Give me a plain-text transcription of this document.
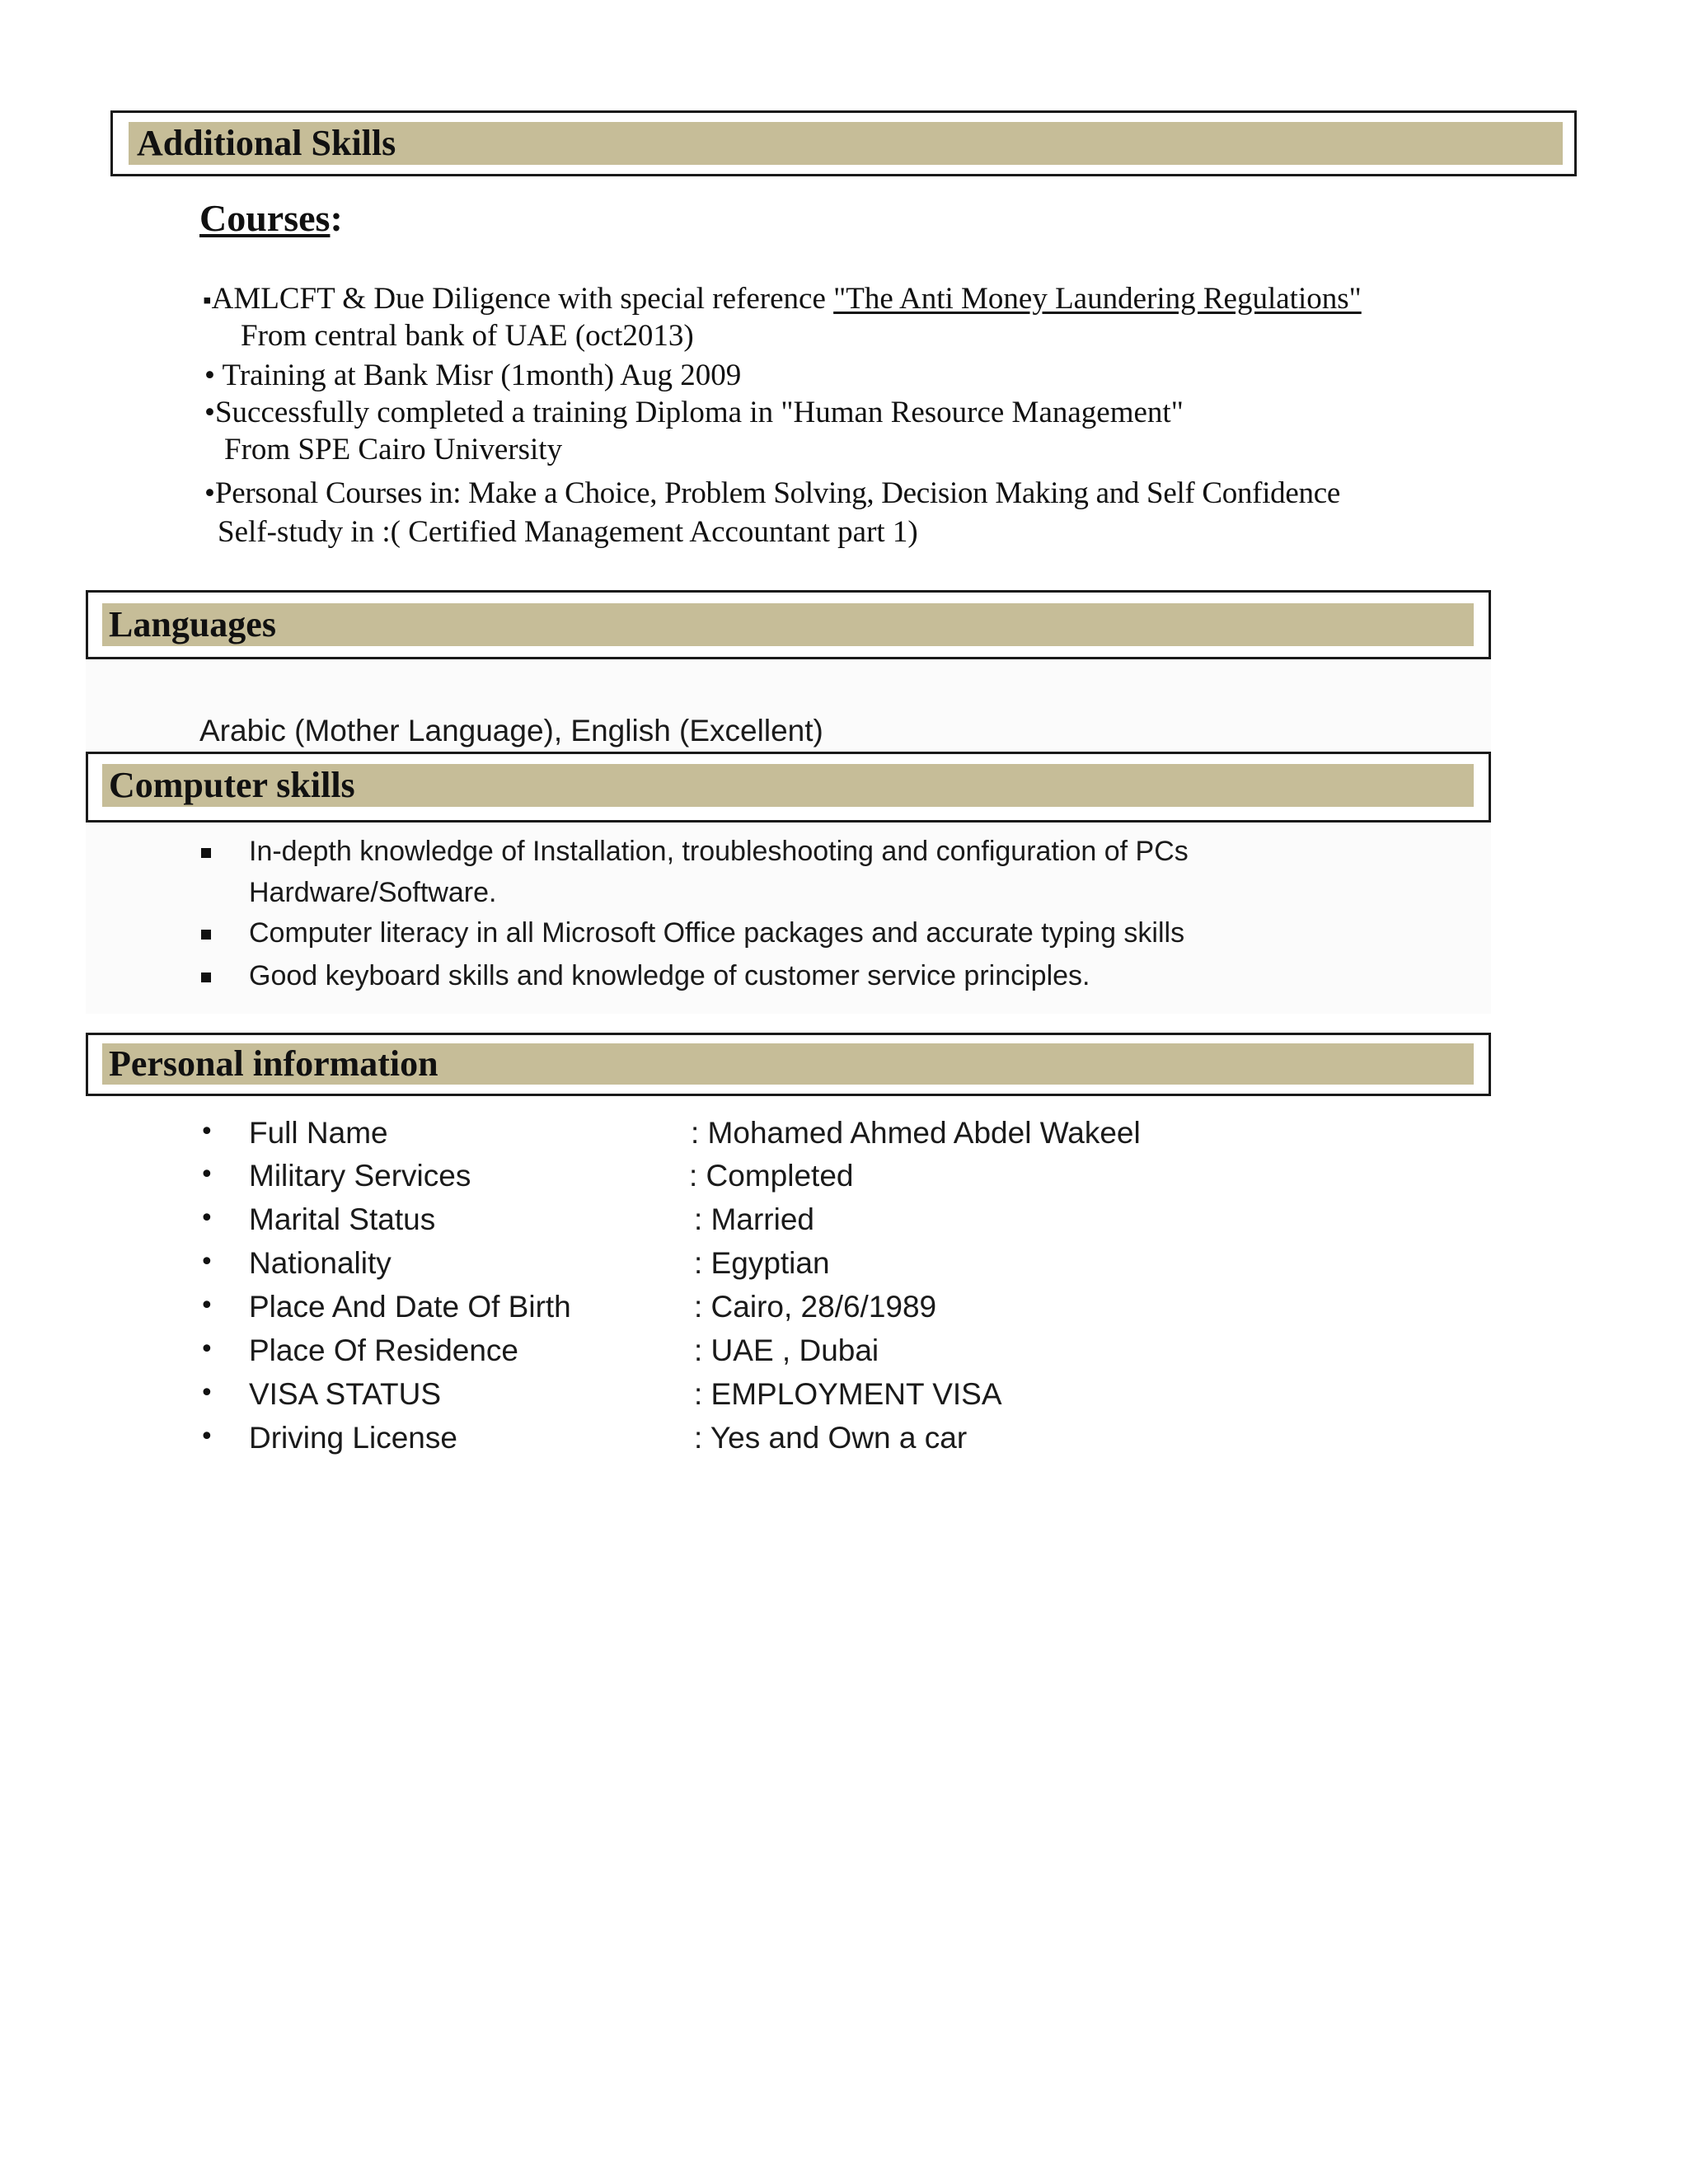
Additional Skills
Courses:
▪AMLCFT & Due Diligence with special reference "The Anti Money Laundering Regulations"
From central bank of UAE (oct2013)
• Training at Bank Misr (1month) Aug 2009
•Successfully completed a training Diploma in "Human Resource Management"
From SPE Cairo University
•Personal Courses in: Make a Choice, Problem Solving, Decision Making and Self Confidence
Self-study in :( Certified Management Accountant part 1)
Languages
Arabic (Mother Language), English (Excellent)
Computer skills
In-depth knowledge of Installation, troubleshooting and configuration of PCs
Hardware/Software.
Computer literacy in all Microsoft Office packages and accurate typing skills
Good keyboard skills and knowledge of customer service principles.
Personal information
• Full Name	: Mohamed Ahmed Abdel Wakeel
• Military Services	: Completed
• Marital Status	: Married
• Nationality	: Egyptian
• Place And Date Of Birth	: Cairo, 28/6/1989
• Place Of Residence	: UAE , Dubai
• VISA STATUS	: EMPLOYMENT VISA
• Driving License	: Yes and Own a car
